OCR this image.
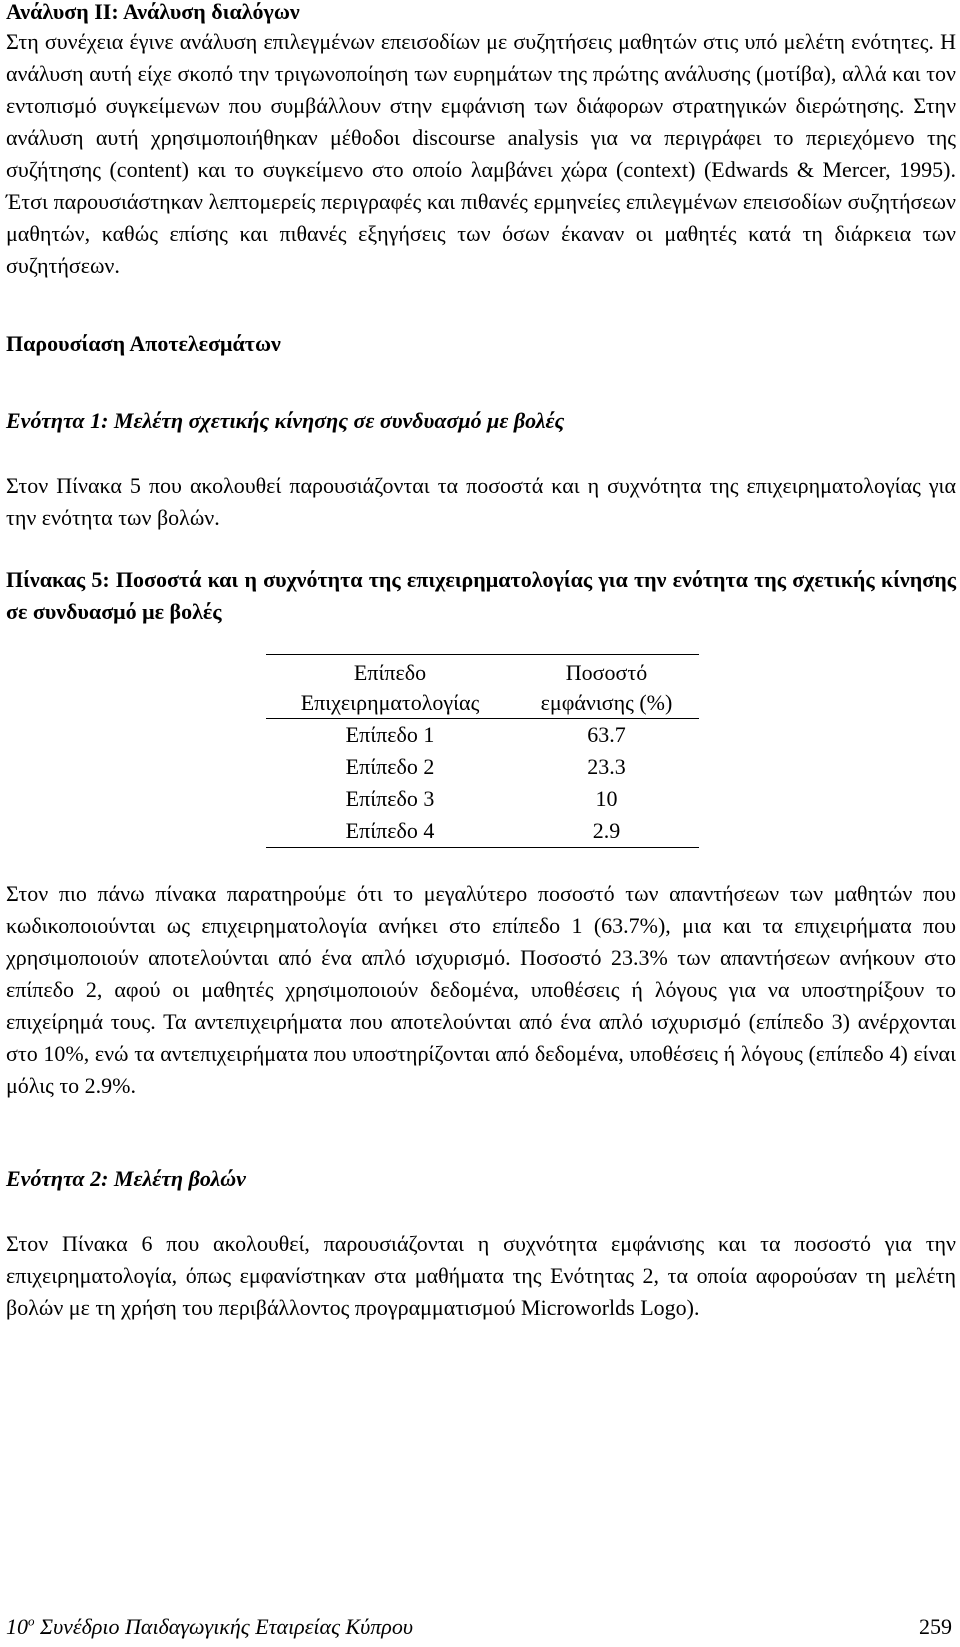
Ανάλυση ΙΙ: Ανάλυση διαλόγων

Στη συνέχεια έγινε ανάλυση επιλεγμένων επεισοδίων με συζητήσεις μαθητών στις υπό μελέτη ενότητες. Η ανάλυση αυτή είχε σκοπό την τριγωνοποίηση των ευρημάτων της πρώτης ανάλυσης (μοτίβα), αλλά και τον εντοπισμό συγκείμενων που συμβάλλουν στην εμφάνιση των διάφορων στρατηγικών διερώτησης. Στην ανάλυση αυτή χρησιμοποιήθηκαν μέθοδοι discourse analysis για να περιγράφει το περιεχόμενο της συζήτησης (content) και το συγκείμενο στο οποίο λαμβάνει χώρα (context) (Edwards & Mercer, 1995). Έτσι παρουσιάστηκαν λεπτομερείς περιγραφές και πιθανές ερμηνείες επιλεγμένων επεισοδίων συζητήσεων μαθητών, καθώς επίσης και πιθανές εξηγήσεις των όσων έκαναν οι μαθητές κατά τη διάρκεια των συζητήσεων.

Παρουσίαση Αποτελεσμάτων
Ενότητα 1: Μελέτη σχετικής κίνησης σε συνδυασμό με βολές

Στον Πίνακα 5 που ακολουθεί παρουσιάζονται τα ποσοστά και η συχνότητα της επιχειρηματολογίας για την ενότητα των βολών.

Πίνακας 5: Ποσοστά και η συχνότητα της επιχειρηματολογίας για την ενότητα της σχετικής κίνησης σε συνδυασμό με βολές

Επίπεδο	Ποσοστό
Επιχειρηματολογίας	εμφάνισης (%)
Επίπεδο 1	63.7
Επίπεδο 2	23.3
Επίπεδο 3	10
Επίπεδο 4	2.9

Στον πιο πάνω πίνακα παρατηρούμε ότι το μεγαλύτερο ποσοστό των απαντήσεων των μαθητών που κωδικοποιούνται ως επιχειρηματολογία ανήκει στο επίπεδο 1 (63.7%), μια και τα επιχειρήματα που χρησιμοποιούν αποτελούνται από ένα απλό ισχυρισμό. Ποσοστό 23.3% των απαντήσεων ανήκουν στο επίπεδο 2, αφού οι μαθητές χρησιμοποιούν δεδομένα, υποθέσεις ή λόγους για να υποστηρίξουν το επιχείρημά τους. Τα αντεπιχειρήματα που αποτελούνται από ένα απλό ισχυρισμό (επίπεδο 3) ανέρχονται στο 10%, ενώ τα αντεπιχειρήματα που υποστηρίζονται από δεδομένα, υποθέσεις ή λόγους (επίπεδο 4) είναι μόλις το 2.9%.

Ενότητα 2: Μελέτη βολών

Στον Πίνακα 6 που ακολουθεί, παρουσιάζονται η συχνότητα εμφάνισης και τα ποσοστό για την επιχειρηματολογία, όπως εμφανίστηκαν στα μαθήματα της Ενότητας 2, τα οποία αφορούσαν τη μελέτη βολών με τη χρήση του περιβάλλοντος προγραμματισμού Microworlds Logo).

$10^o$ Συνέδριο Παιδαγωγικής Εταιρείας Κύπρου	259
